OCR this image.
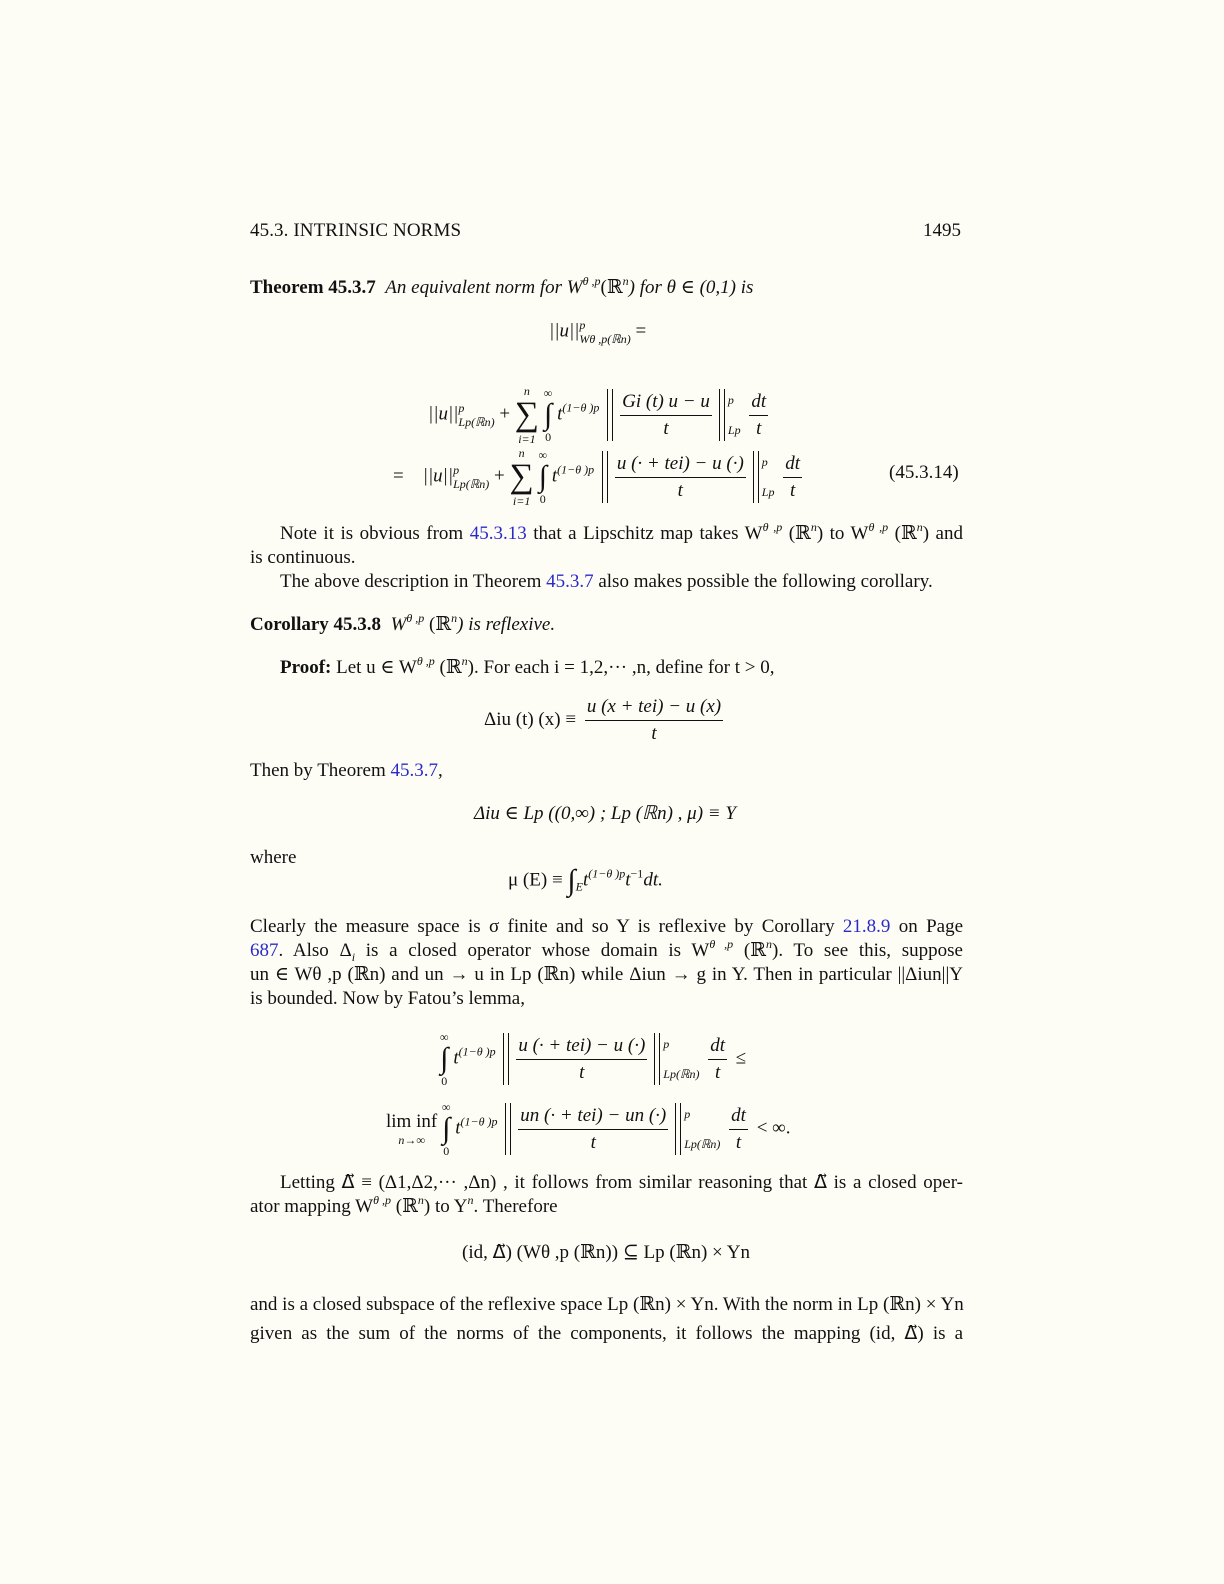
45.3. INTRINSIC NORMS	1495
Theorem 45.3.7 An equivalent norm for $W^{\theta ,p}(ℝ^n)$ for θ ∈ (0,1) is
||u|| p
Wθ ,p(ℝn) =
||u|| p
Lp(ℝn) +
n
∑
i=1

∞
∫
0
$t^{(1-\theta )p} \frac{Gi (t) u - u}{t}$ p
Lp
$\frac{dt}{t}$
= ||u|| p
Lp(ℝn) +
n
∑
i=1

∞
∫
0
$t^{(1-\theta )p} \frac{\text{u (· + tei) − u (·)}}{t}$ p
Lp
$\frac{dt}{t}$	(45.3.14)
Note it is obvious from 45.3.13 that a Lipschitz map takes $W^{\theta ,p}$ (ℝ$^n$) to $W^{\theta ,p}$ (ℝ$^n$) and
is continuous.
The above description in Theorem 45.3.7 also makes possible the following corollary.
Corollary 45.3.8 $W^{\theta ,p}$ (ℝ$^n$) is reflexive.
Proof: Let u ∈ $W^{\theta ,p}$ (ℝ$^n$). For each i = 1,2,··· ,n, define for t > 0,
Δiu (t) $(x) \equiv \frac{\text{u (x + tei) − u (x)}}{t}$
Then by Theorem 45.3.7,
Δiu ∈ Lp ((0,∞) ; Lp (ℝn) , μ) ≡ Y
where
μ $(E) \equiv \int_Et^{(1-\theta )p}t^{-1}dt$.
Clearly the measure space is σ finite and so Y is reflexive by Corollary 21.8.9 on Page
687. Also $\Delta_i$ is a closed operator whose domain is $W^{\theta ,p}$ (ℝ$^n$). To see this, suppose
un ∈ Wθ ,p (ℝn) and un → u in Lp (ℝn) while Δiun → g in Y. Then in particular ||Δiun||Y
is bounded. Now by Fatou’s lemma,
∞
∫
0
$t^{(1-\theta )p} \frac{\text{u (· + tei) − u (·)}}{t}$ p
Lp(ℝn)
$\frac{dt}{t}$ ≤
lim inf
n→∞

∞
∫
0
$t^{(1-\theta )p} \frac{\text{un (· + tei) − un (·)}}{t}$ p
Lp(ℝn)
$\frac{dt}{t}$ < ∞.
Letting Δ⃗ ≡ (Δ1,Δ2,··· ,Δn) , it follows from similar reasoning that Δ⃗ is a closed oper-
ator mapping $W^{\theta ,p}$ (ℝ$^n$) to $Y^n$. Therefore
(id, Δ⃗) (Wθ ,p (ℝn)) ⊆ Lp (ℝn) × Yn
and is a closed subspace of the reflexive space Lp (ℝn) × Yn. With the norm in Lp (ℝn) × Yn
given as the sum of the norms of the components, it follows the mapping (id, Δ⃗) is a
